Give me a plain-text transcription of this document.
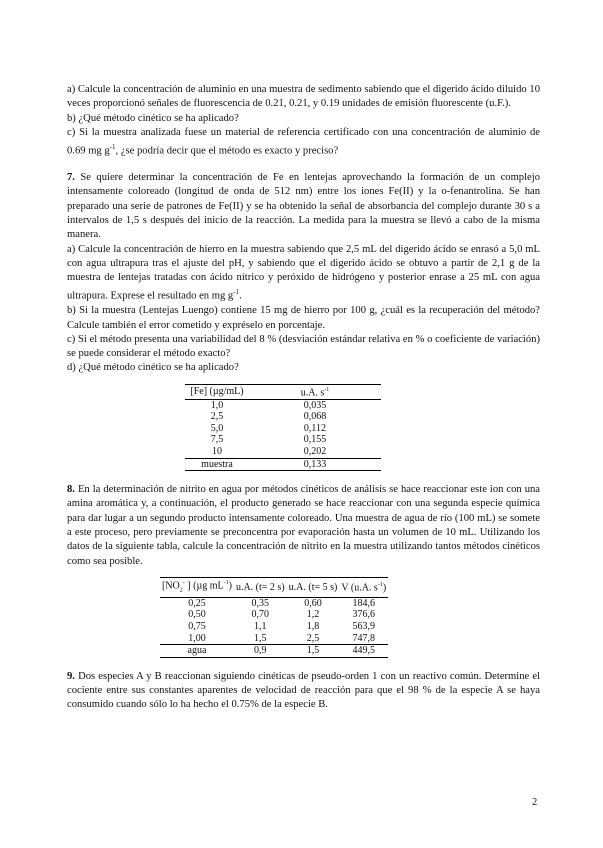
a) Calcule la concentración de aluminio en una muestra de sedimento sabiendo que el digerido ácido diluido 10 veces proporcionó señales de fluorescencia de 0.21, 0.21, y 0.19 unidades de emisión fluorescente (u.F.).

b) ¿Qué método cinético se ha aplicado?

c) Si la muestra analizada fuese un material de referencia certificado con una concentración de aluminio de 0.69 mg $g^{-1}$, ¿se podría decir que el método es exacto y preciso?

7. Se quiere determinar la concentración de Fe en lentejas aprovechando la formación de un complejo intensamente coloreado (longitud de onda de 512 nm) entre los iones Fe(II) y la o-fenantrolina. Se han preparado una serie de patrones de Fe(II) y se ha obtenido la señal de absorbancia del complejo durante 30 s a intervalos de 1,5 s después del inicio de la reacción. La medida para la muestra se llevó a cabo de la misma manera.

a) Calcule la concentración de hierro en la muestra sabiendo que 2,5 mL del digerido ácido se enrasó a 5,0 mL con agua ultrapura tras el ajuste del pH, y sabiendo que el digerido ácido se obtuvo a partir de 2,1 g de la muestra de lentejas tratadas con ácido nítrico y peróxido de hidrógeno y posterior enrase a 25 mL con agua ultrapura. Exprese el resultado en mg $g^{-1}$.

b) Si la muestra (Lentejas Luengo) contiene 15 mg de hierro por 100 g, ¿cuál es la recuperación del método? Calcule también el error cometido y expréselo en porcentaje.

c) Si el método presenta una variabilidad del 8 % (desviación estándar relativa en % o coeficiente de variación) se puede considerar el método exacto?

d) ¿Qué método cinético se ha aplicado?

[Fe] (µg/mL)	u.A. $s^{-1}$
1,0	0,035
2,5	0,068
5,0	0,112
7,5	0,155
10	0,202
muestra	0,133

8. En la determinación de nitrito en agua por métodos cinéticos de análisis se hace reaccionar este ion con una amina aromática y, a continuación, el producto generado se hace reaccionar con una segunda especie química para dar lugar a un segundo producto intensamente coloreado. Una muestra de agua de río (100 mL) se somete a este proceso, pero previamente se preconcentra por evaporación hasta un volumen de 10 mL. Utilizando los datos de la siguiente tabla, calcule la concentración de nitrito en la muestra utilizando tantos métodos cinéticos como sea posible.

[$NO_2^-$ ] (µg $mL^{-1}$)	u.A. (t= 2 s)	u.A. (t= 5 s)	V (u.A. $s^{-1}$)
0,25	0,35	0,60	184,6
0,50	0,70	1,2	376,6
0,75	1,1	1,8	563,9
1,00	1,5	2,5	747,8
agua	0,9	1,5	449,5

9. Dos especies A y B reaccionan siguiendo cinéticas de pseudo-orden 1 con un reactivo común. Determine el cociente entre sus constantes aparentes de velocidad de reacción para que el 98 % de la especie A se haya consumido cuando sólo lo ha hecho el 0.75% de la especie B.

2
